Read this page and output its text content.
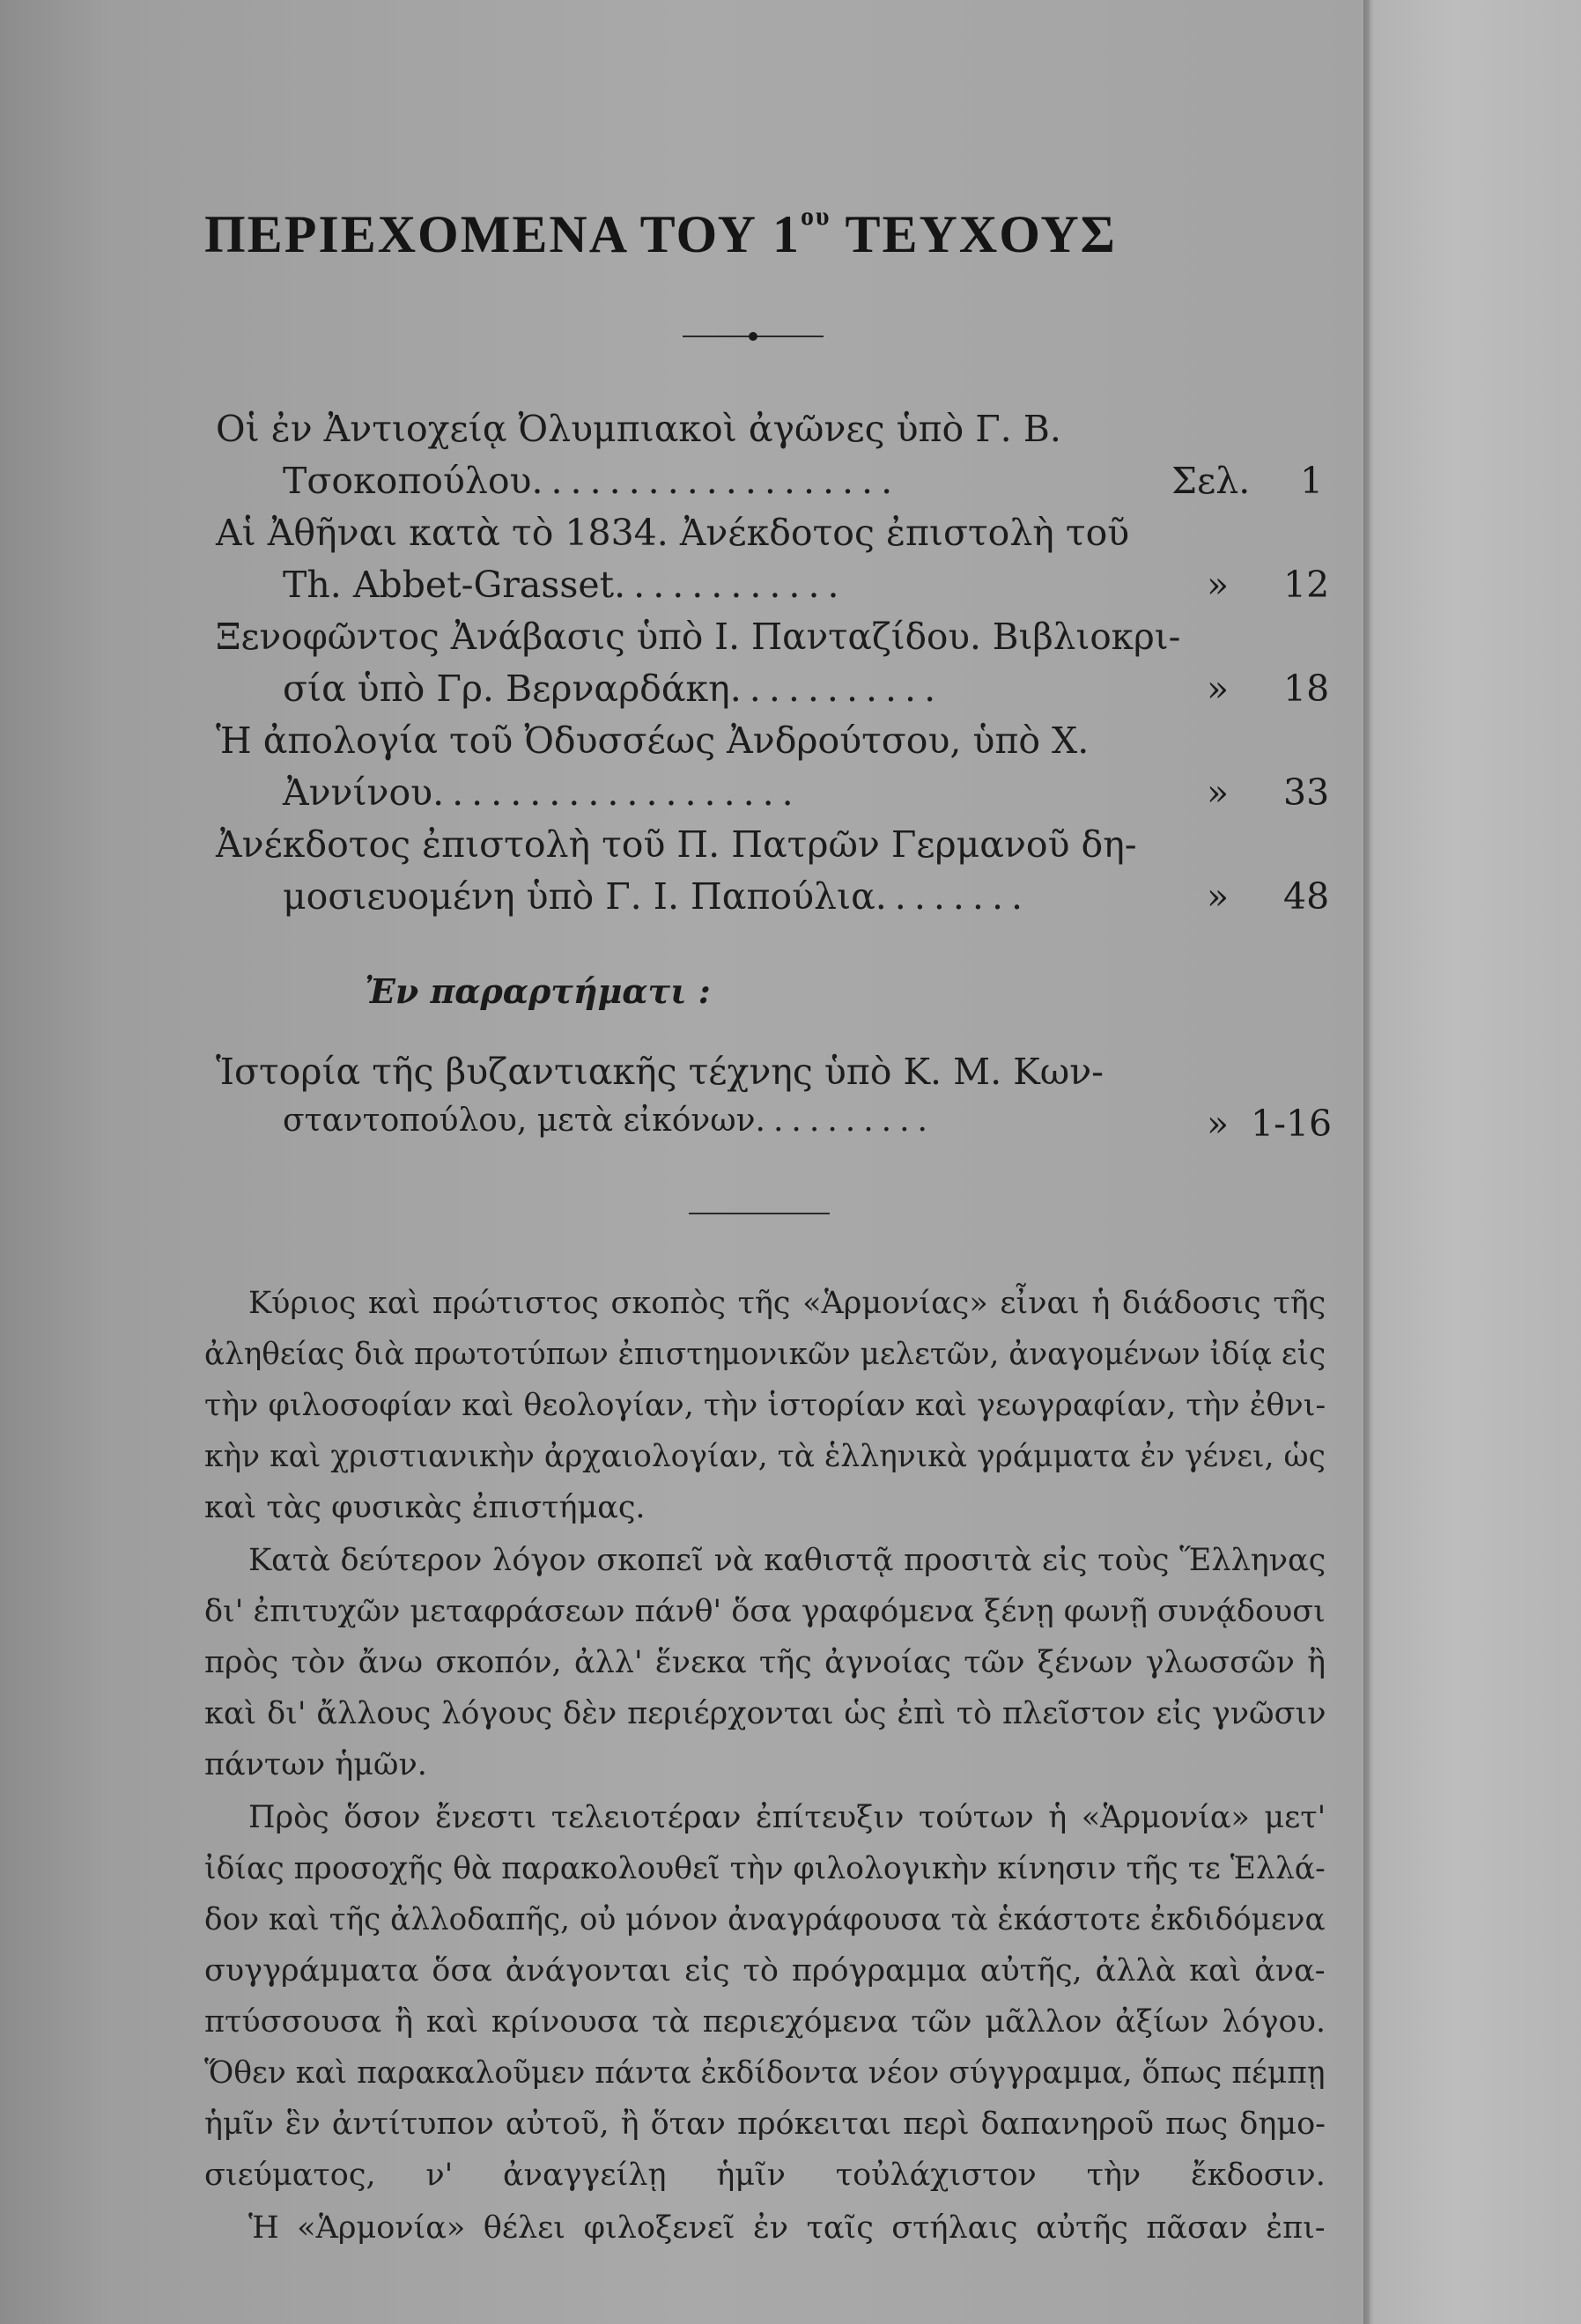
ΠΕΡΙΕΧΟΜΕΝΑ ΤΟΥ $1^{o\upsilon}$ ΤΕΥΧΟΥΣ
Οἱ ἐν Ἀντιοχείᾳ Ὀλυμπιακοὶ ἀγῶνες ὑπὸ Γ. Β.
Τσοκοπούλου...................	Σελ. 1
Αἱ Ἀθῆναι κατὰ τὸ 1834. Ἀνέκδοτος ἐπιστολὴ τοῦ
Th. Abbet-Grasset............	» 12
Ξενοφῶντος Ἀνάβασις ὑπὸ Ι. Πανταζίδου. Βιβλιοκρι-
σία ὑπὸ Γρ. Βερναρδάκη...........	» 18
Ἡ ἀπολογία τοῦ Ὀδυσσέως Ἀνδρούτσου, ὑπὸ Χ.
Ἀννίνου...................	» 33
Ἀνέκδοτος ἐπιστολὴ τοῦ Π. Πατρῶν Γερμανοῦ δη-
μοσιευομένη ὑπὸ Γ. Ι. Παπούλια........	» 48
Ἐν παραρτήματι :
Ἱστορία τῆς βυζαντιακῆς τέχνης ὑπὸ Κ. Μ. Κων-
σταντοπούλου, μετὰ εἰκόνων..........	» 1-16
Κύριος καὶ πρώτιστος σκοπὸς τῆς «Ἁρμονίας» εἶναι ἡ διάδοσις τῆς
ἀληθείας διὰ πρωτοτύπων ἐπιστημονικῶν μελετῶν, ἀναγομένων ἰδίᾳ εἰς
τὴν φιλοσοφίαν καὶ θεολογίαν, τὴν ἱστορίαν καὶ γεωγραφίαν, τὴν ἐθνι-
κὴν καὶ χριστιανικὴν ἀρχαιολογίαν, τὰ ἑλληνικὰ γράμματα ἐν γένει, ὡς
καὶ τὰς φυσικὰς ἐπιστήμας.
Κατὰ δεύτερον λόγον σκοπεῖ νὰ καθιστᾷ προσιτὰ εἰς τοὺς Ἕλληνας
δι' ἐπιτυχῶν μεταφράσεων πάνθ' ὅσα γραφόμενα ξένῃ φωνῇ συνᾴδουσι
πρὸς τὸν ἄνω σκοπόν, ἀλλ' ἕνεκα τῆς ἀγνοίας τῶν ξένων γλωσσῶν ἢ
καὶ δι' ἄλλους λόγους δὲν περιέρχονται ὡς ἐπὶ τὸ πλεῖστον εἰς γνῶσιν
πάντων ἡμῶν.
Πρὸς ὅσον ἔνεστι τελειοτέραν ἐπίτευξιν τούτων ἡ «Ἁρμονία» μετ'
ἰδίας προσοχῆς θὰ παρακολουθεῖ τὴν φιλολογικὴν κίνησιν τῆς τε Ἑλλά-
δον καὶ τῆς ἀλλοδαπῆς, οὐ μόνον ἀναγράφουσα τὰ ἑκάστοτε ἐκδιδόμενα
συγγράμματα ὅσα ἀνάγονται εἰς τὸ πρόγραμμα αὐτῆς, ἀλλὰ καὶ ἀνα-
πτύσσουσα ἢ καὶ κρίνουσα τὰ περιεχόμενα τῶν μᾶλλον ἀξίων λόγου.
Ὅθεν καὶ παρακαλοῦμεν πάντα ἐκδίδοντα νέον σύγγραμμα, ὅπως πέμπῃ
ἡμῖν ἓν ἀντίτυπον αὐτοῦ, ἢ ὅταν πρόκειται περὶ δαπανηροῦ πως δημο-
σιεύματος, ν' ἀναγγείλῃ ἡμῖν τοὐλάχιστον τὴν ἔκδοσιν.
Ἡ «Ἁρμονία» θέλει φιλοξενεῖ ἐν ταῖς στήλαις αὐτῆς πᾶσαν ἐπι-
